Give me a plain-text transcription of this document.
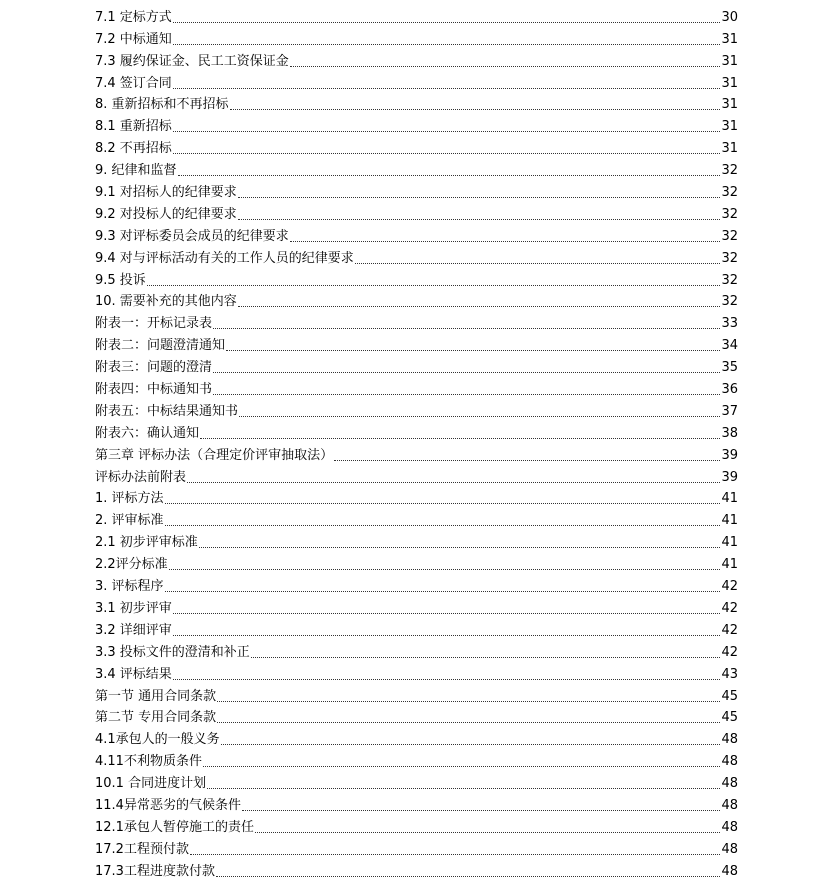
7.1 定标方式	30
7.2 中标通知	31
7.3 履约保证金、民工工资保证金	31
7.4 签订合同	31
8. 重新招标和不再招标	31
8.1 重新招标	31
8.2 不再招标	31
9. 纪律和监督	32
9.1 对招标人的纪律要求	32
9.2 对投标人的纪律要求	32
9.3 对评标委员会成员的纪律要求	32
9.4 对与评标活动有关的工作人员的纪律要求	32
9.5 投诉	32
10. 需要补充的其他内容	32
附表一：开标记录表	33
附表二：问题澄清通知	34
附表三：问题的澄清	35
附表四：中标通知书	36
附表五：中标结果通知书	37
附表六：确认通知	38
第三章 评标办法（合理定价评审抽取法）	39
评标办法前附表	39
1. 评标方法	41
2. 评审标准	41
2.1 初步评审标准	41
2.2评分标准	41
3. 评标程序	42
3.1 初步评审	42
3.2 详细评审	42
3.3 投标文件的澄清和补正	42
3.4 评标结果	43
第一节 通用合同条款	45
第二节 专用合同条款	45
4.1承包人的一般义务	48
4.11不利物质条件	48
10.1 合同进度计划	48
11.4异常恶劣的气候条件	48
12.1承包人暂停施工的责任	48
17.2工程预付款	48
17.3工程进度款付款	48
